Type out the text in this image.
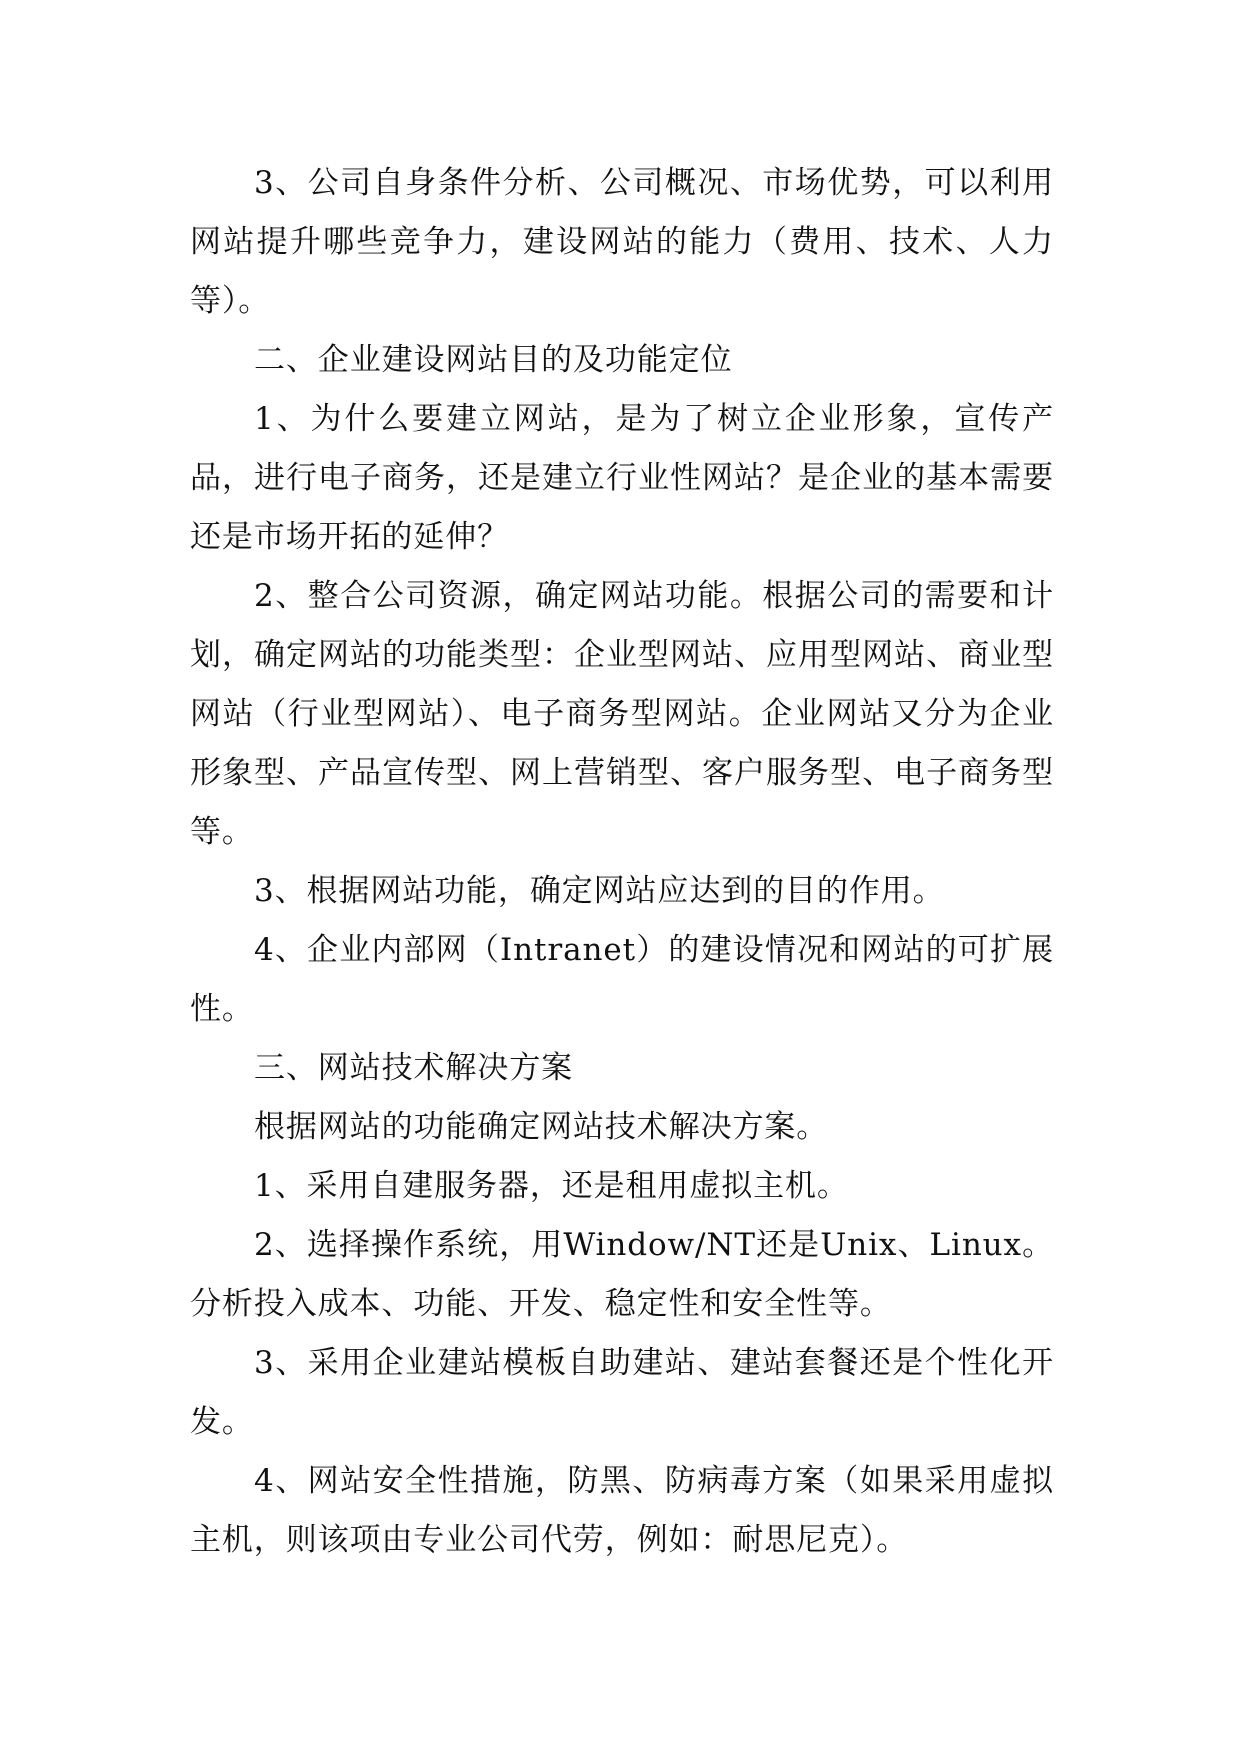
3、公司自身条件分析、公司概况、市场优势，可以利用网站提升哪些竞争力，建设网站的能力（费用、技术、人力等）。

二、企业建设网站目的及功能定位

1、为什么要建立网站，是为了树立企业形象，宣传产品，进行电子商务，还是建立行业性网站？是企业的基本需要还是市场开拓的延伸？

2、整合公司资源，确定网站功能。根据公司的需要和计划，确定网站的功能类型：企业型网站、应用型网站、商业型网站（行业型网站）、电子商务型网站。企业网站又分为企业形象型、产品宣传型、网上营销型、客户服务型、电子商务型等。

3、根据网站功能，确定网站应达到的目的作用。

4、企业内部网（Intranet）的建设情况和网站的可扩展性。

三、网站技术解决方案

根据网站的功能确定网站技术解决方案。

1、采用自建服务器，还是租用虚拟主机。

2、选择操作系统，用Window/NT还是Unix、Linux。分析投入成本、功能、开发、稳定性和安全性等。

3、采用企业建站模板自助建站、建站套餐还是个性化开发。

4、网站安全性措施，防黑、防病毒方案（如果采用虚拟主机，则该项由专业公司代劳，例如：耐思尼克）。
